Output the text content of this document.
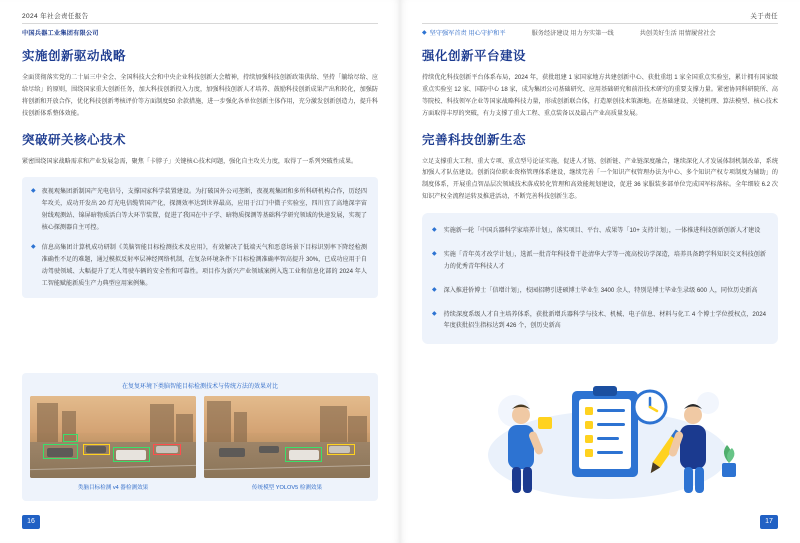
2024 年社会责任报告
中国兵器工业集团有限公司
实施创新驱动战略

全面贯彻落实党的二十届三中全会、全国科技大会和中央企业科技创新大会精神，持续加强科技创新政策供给、坚持「躺给尽给、应给尽给」的原则，围绕国家重大创新任务，加大科技创新投入力度，加强科技创新人才培养、鼓励科技创新成果产出和转化，加强防将创新和开放合作，优化科技创新考核评价等方面制度50 余款措施，进一步强化各单位创新主体作用，充分激发创新创造力，提升科技创新体系整体效能。

突破研关核心技术

紧密围绕国家战略需求和产业发展急需，聚焦「卡脖子」关键核心技术问题，强化自主攻关力度，取得了一系列突破性成果。

◆ 夜视观集团新制国产光电信号，支撑国家科学装置建设。为打破国外公司垄断，夜视观集团和多所科研机构合作，历经四年攻关，成功开发出 20 灯光电信缆管国产化，探测效率达到世界最高，应用于江门中微子实验室，四川宜了高地深字宙射线观测站、锦屏暗物质活白等大环节装置，促进了我国在中子学、暗物质探测等基础科学研究领域的快速发展，实现了核心探测器自主可控。
◆ 信息高集团计算机成功研制《美脑智能目标检测技术及应用》，有效解决了低端天气和恶意场景下目标识别率下降经检测准确性不足的难题，通过模拟反射率层神经网络机制，在复杂环境条件下目标检测准确率智高提升 30%，已成功应用于自动驾驶领域、大幅提升了无人驾驶车辆的安全性和可靠性。项目作为新兴产业领域案例入选工业和信息化部的 2024 年人工智能赋能新质生产力典型应用案例集。
在复复环境下类脑智能目标检测技术与传统方法的效果对比
类脑目标检测 v4 器检测效果	传统模型 YOLOV5 检测效果
16
关于责任
◆ 坚守强军首责 用心守护和平	服务经济建设 用力夯实第一线	共创美好生活 用情履营社会
强化创新平台建设

持续优化科技创新平台体系布局，2024 年，获批组建 1 家国家地方共建创新中心、获批重组 1 家全国重点实验室，累计拥有国家级重点实验室 12 家、国防中心 18 家，成为集团公司基础研究、应用基础研究和前沿技术研究的重要支撑力量。紧密协同科研院所、高等院校、科技领军企业等国家战略科技力量，形成创新联合体，打造原创技术策源地。在基础建设、关键机理、算法模型、核心技术方面取得丰厚的突破，有力支撑了重大工程、重点装备以及最占产业高质量发展。

完善科技创新生态

立足支撑重大工程、重大专项、重点型号论证实施，促进人才链、创新链、产业链深度融合，继续深化人才发展体制机制改革，系统加强人才队伍建设。创新岗位职业资格管理体系建设，继续完善「一个知识产权管理办法为中心、多个知识产权专项制度为辅助」的制度体系，开展重点智品层次领域技术落成转化管理和高效能规划建设，促进 36 家服装多部单位完成国军标落标。全年细较 6.2 次知识产权全流程运转及推进活动，不断完善科技创新生态。

◆ 实施新一轮「中国兵器科学家培养计划」，落实项目、平台、成果等「10+ 支持计划」，一体推进科技创新创新人才建设
◆ 实施「青年英才改学计划」，选派一批青年科技骨干赴清华大学等一流高校访学深造，培养具备跨学科知识交叉科技创新力的优秀青年科技人才
◆ 深入推进侨博士「信增计划」，校园招聘引进硕博士毕业生 3400 余人，特别是博士毕业生录级 600 人，同位历史新高
◆ 持续深度系级人才自主培养体系，获批新增兵器科学与技术、机械、电子信息、材料与化工 4 个博士学位授权点，2024 年度获批招生指标达到 426 个，创历史新高
17
